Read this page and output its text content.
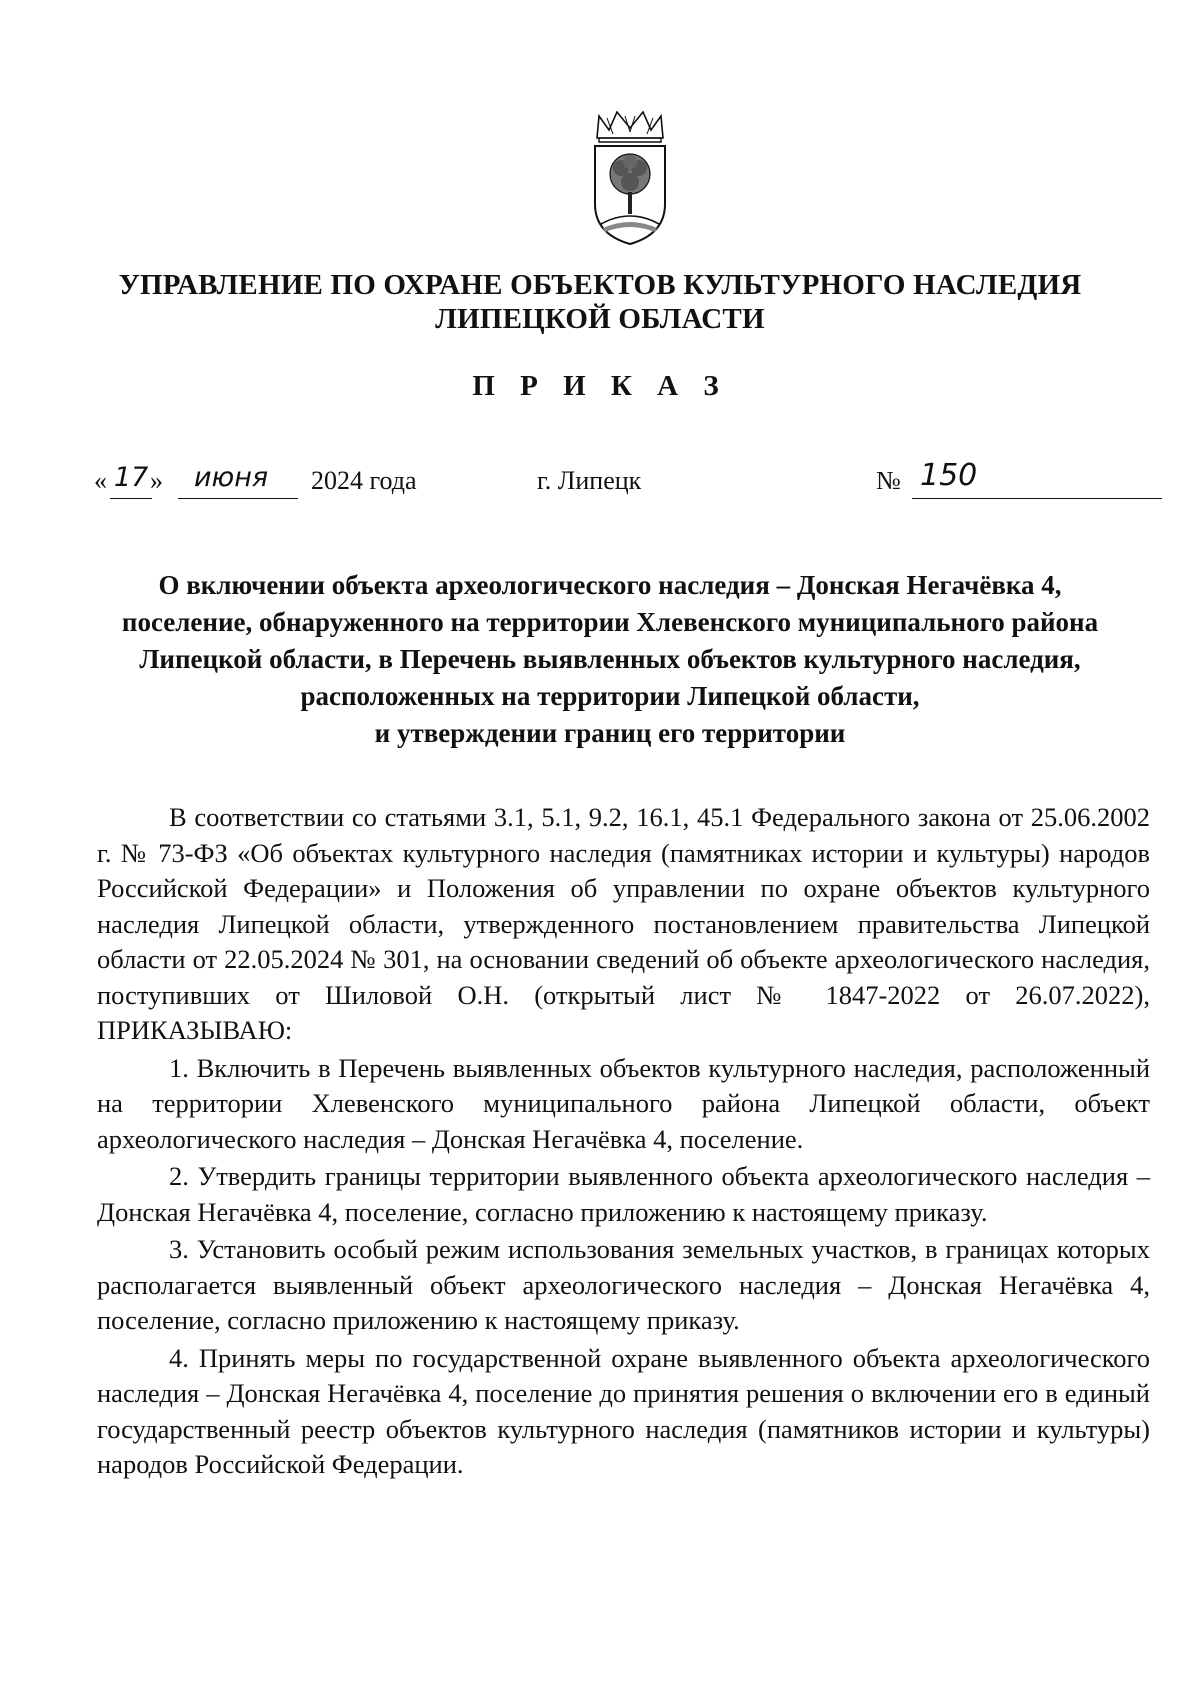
УПРАВЛЕНИЕ ПО ОХРАНЕ ОБЪЕКТОВ КУЛЬТУРНОГО НАСЛЕДИЯ
ЛИПЕЦКОЙ ОБЛАСТИ
П Р И К А З
« 17 » июня 2024 года	г. Липецк	№ 150
О включении объекта археологического наследия – Донская Негачёвка 4,
поселение, обнаруженного на территории Хлевенского муниципального района
Липецкой области, в Перечень выявленных объектов культурного наследия,
расположенных на территории Липецкой области,
и утверждении границ его территории

В соответствии со статьями 3.1, 5.1, 9.2, 16.1, 45.1 Федерального закона от 25.06.2002 г. № 73-ФЗ «Об объектах культурного наследия (памятниках истории и культуры) народов Российской Федерации» и Положения об управлении по охране объектов культурного наследия Липецкой области, утвержденного постановлением правительства Липецкой области от 22.05.2024 № 301, на основании сведений об объекте археологического наследия, поступивших от Шиловой О.Н. (открытый лист № 1847-2022 от 26.07.2022), ПРИКАЗЫВАЮ:

1. Включить в Перечень выявленных объектов культурного наследия, расположенный на территории Хлевенского муниципального района Липецкой области, объект археологического наследия – Донская Негачёвка 4, поселение.

2. Утвердить границы территории выявленного объекта археологического наследия – Донская Негачёвка 4, поселение, согласно приложению к настоящему приказу.

3. Установить особый режим использования земельных участков, в границах которых располагается выявленный объект археологического наследия – Донская Негачёвка 4, поселение, согласно приложению к настоящему приказу.

4. Принять меры по государственной охране выявленного объекта археологического наследия – Донская Негачёвка 4, поселение до принятия решения о включении его в единый государственный реестр объектов культурного наследия (памятников истории и культуры) народов Российской Федерации.
